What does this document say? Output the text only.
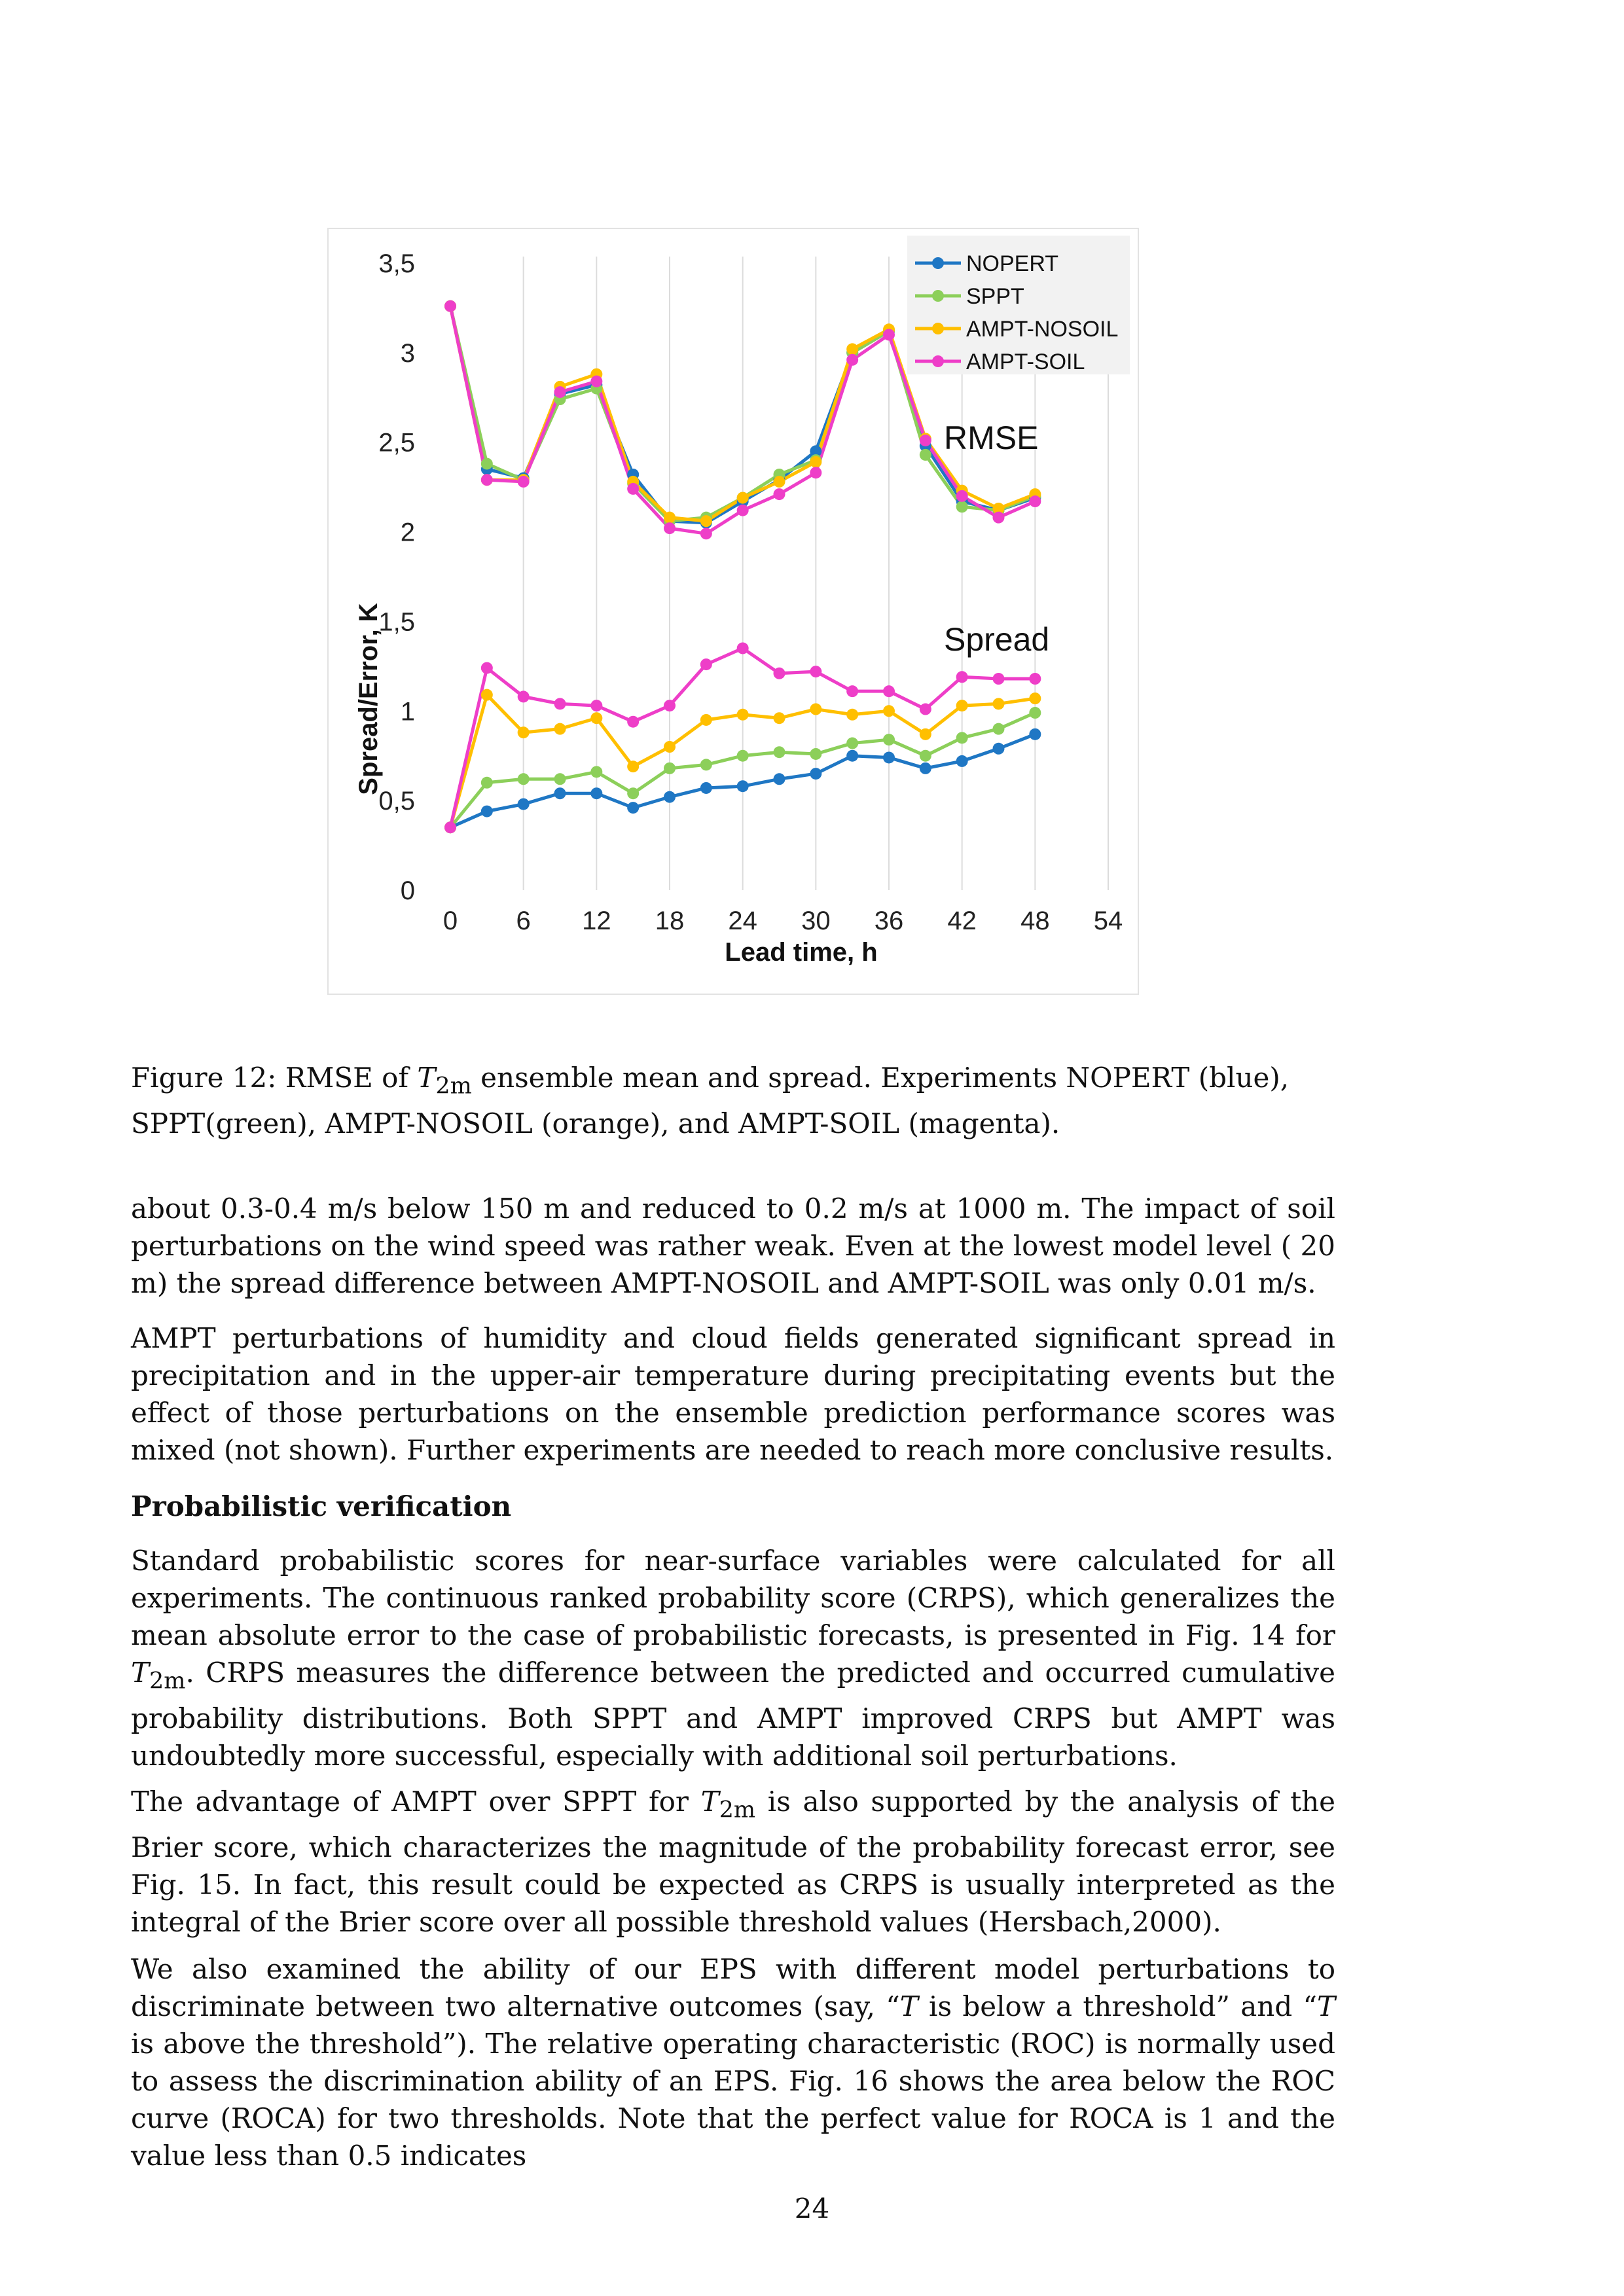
0 6 12 18 24 30 36 42 48 54
0
0,5
1
1,5
2
2,5
3
3,5
RMSE
Spread
Lead time, h
Spread/Error, K
NOPERT
SPPT
AMPT-NOSOIL
AMPT-SOIL
Figure 12: RMSE of $T_{2m}$ ensemble mean and spread. Experiments NOPERT (blue), SPPT(green), AMPT-NOSOIL (orange), and AMPT-SOIL (magenta).

about 0.3-0.4 m/s below 150 m and reduced to 0.2 m/s at 1000 m. The impact of soil perturbations on the wind speed was rather weak. Even at the lowest model level ( 20 m) the spread difference between AMPT-NOSOIL and AMPT-SOIL was only 0.01 m/s.

AMPT perturbations of humidity and cloud fields generated significant spread in precipitation and in the upper-air temperature during precipitating events but the effect of those perturbations on the ensemble prediction performance scores was mixed (not shown). Further experiments are needed to reach more conclusive results.

Probabilistic verification

Standard probabilistic scores for near-surface variables were calculated for all experiments. The continuous ranked probability score (CRPS), which generalizes the mean absolute error to the case of probabilistic forecasts, is presented in Fig. 14 for $T_{2m}$. CRPS measures the difference between the predicted and occurred cumulative probability distributions. Both SPPT and AMPT improved CRPS but AMPT was undoubtedly more successful, especially with additional soil perturbations.

The advantage of AMPT over SPPT for $T_{2m}$ is also supported by the analysis of the Brier score, which characterizes the magnitude of the probability forecast error, see Fig. 15. In fact, this result could be expected as CRPS is usually interpreted as the integral of the Brier score over all possible threshold values (Hersbach,2000).

We also examined the ability of our EPS with different model perturbations to discriminate between two alternative outcomes (say, “T is below a threshold” and “T is above the threshold”). The relative operating characteristic (ROC) is normally used to assess the discrimination ability of an EPS. Fig. 16 shows the area below the ROC curve (ROCA) for two thresholds. Note that the perfect value for ROCA is 1 and the value less than 0.5 indicates

24
